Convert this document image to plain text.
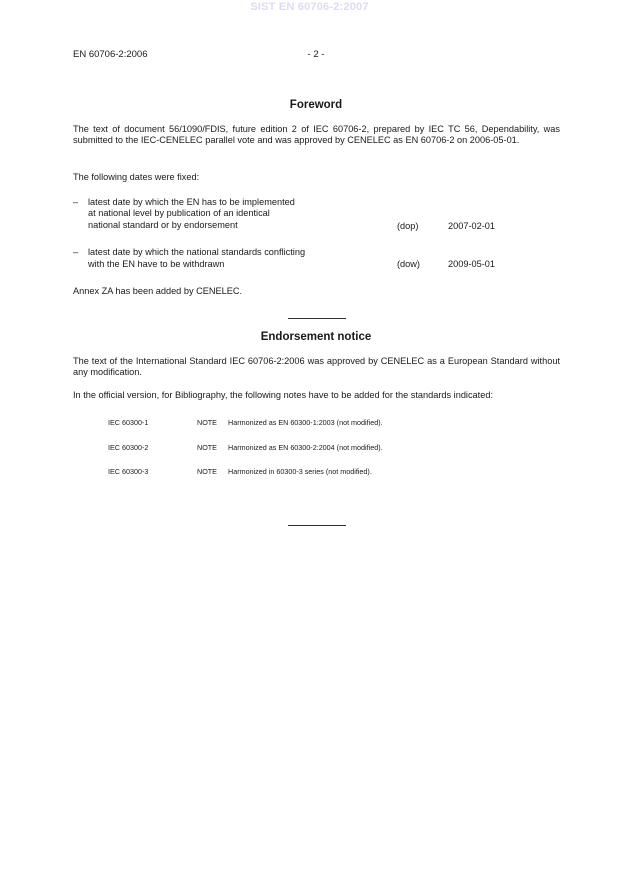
SIST EN 60706-2:2007
EN 60706-2:2006	- 2 -
Foreword
The text of document 56/1090/FDIS, future edition 2 of IEC 60706-2, prepared by IEC TC 56, Dependability, was submitted to the IEC-CENELEC parallel vote and was approved by CENELEC as EN 60706-2 on 2006-05-01.
The following dates were fixed:
– latest date by which the EN has to be implemented
at national level by publication of an identical
national standard or by endorsement	(dop)	2007-02-01
– latest date by which the national standards conflicting
with the EN have to be withdrawn	(dow)	2009-05-01
Annex ZA has been added by CENELEC.
Endorsement notice
The text of the International Standard IEC 60706-2:2006 was approved by CENELEC as a European Standard without any modification.
In the official version, for Bibliography, the following notes have to be added for the standards indicated:
IEC 60300-1	NOTE Harmonized as EN 60300-1:2003 (not modified).
IEC 60300-2	NOTE Harmonized as EN 60300-2:2004 (not modified).
IEC 60300-3	NOTE Harmonized in 60300-3 series (not modified).
